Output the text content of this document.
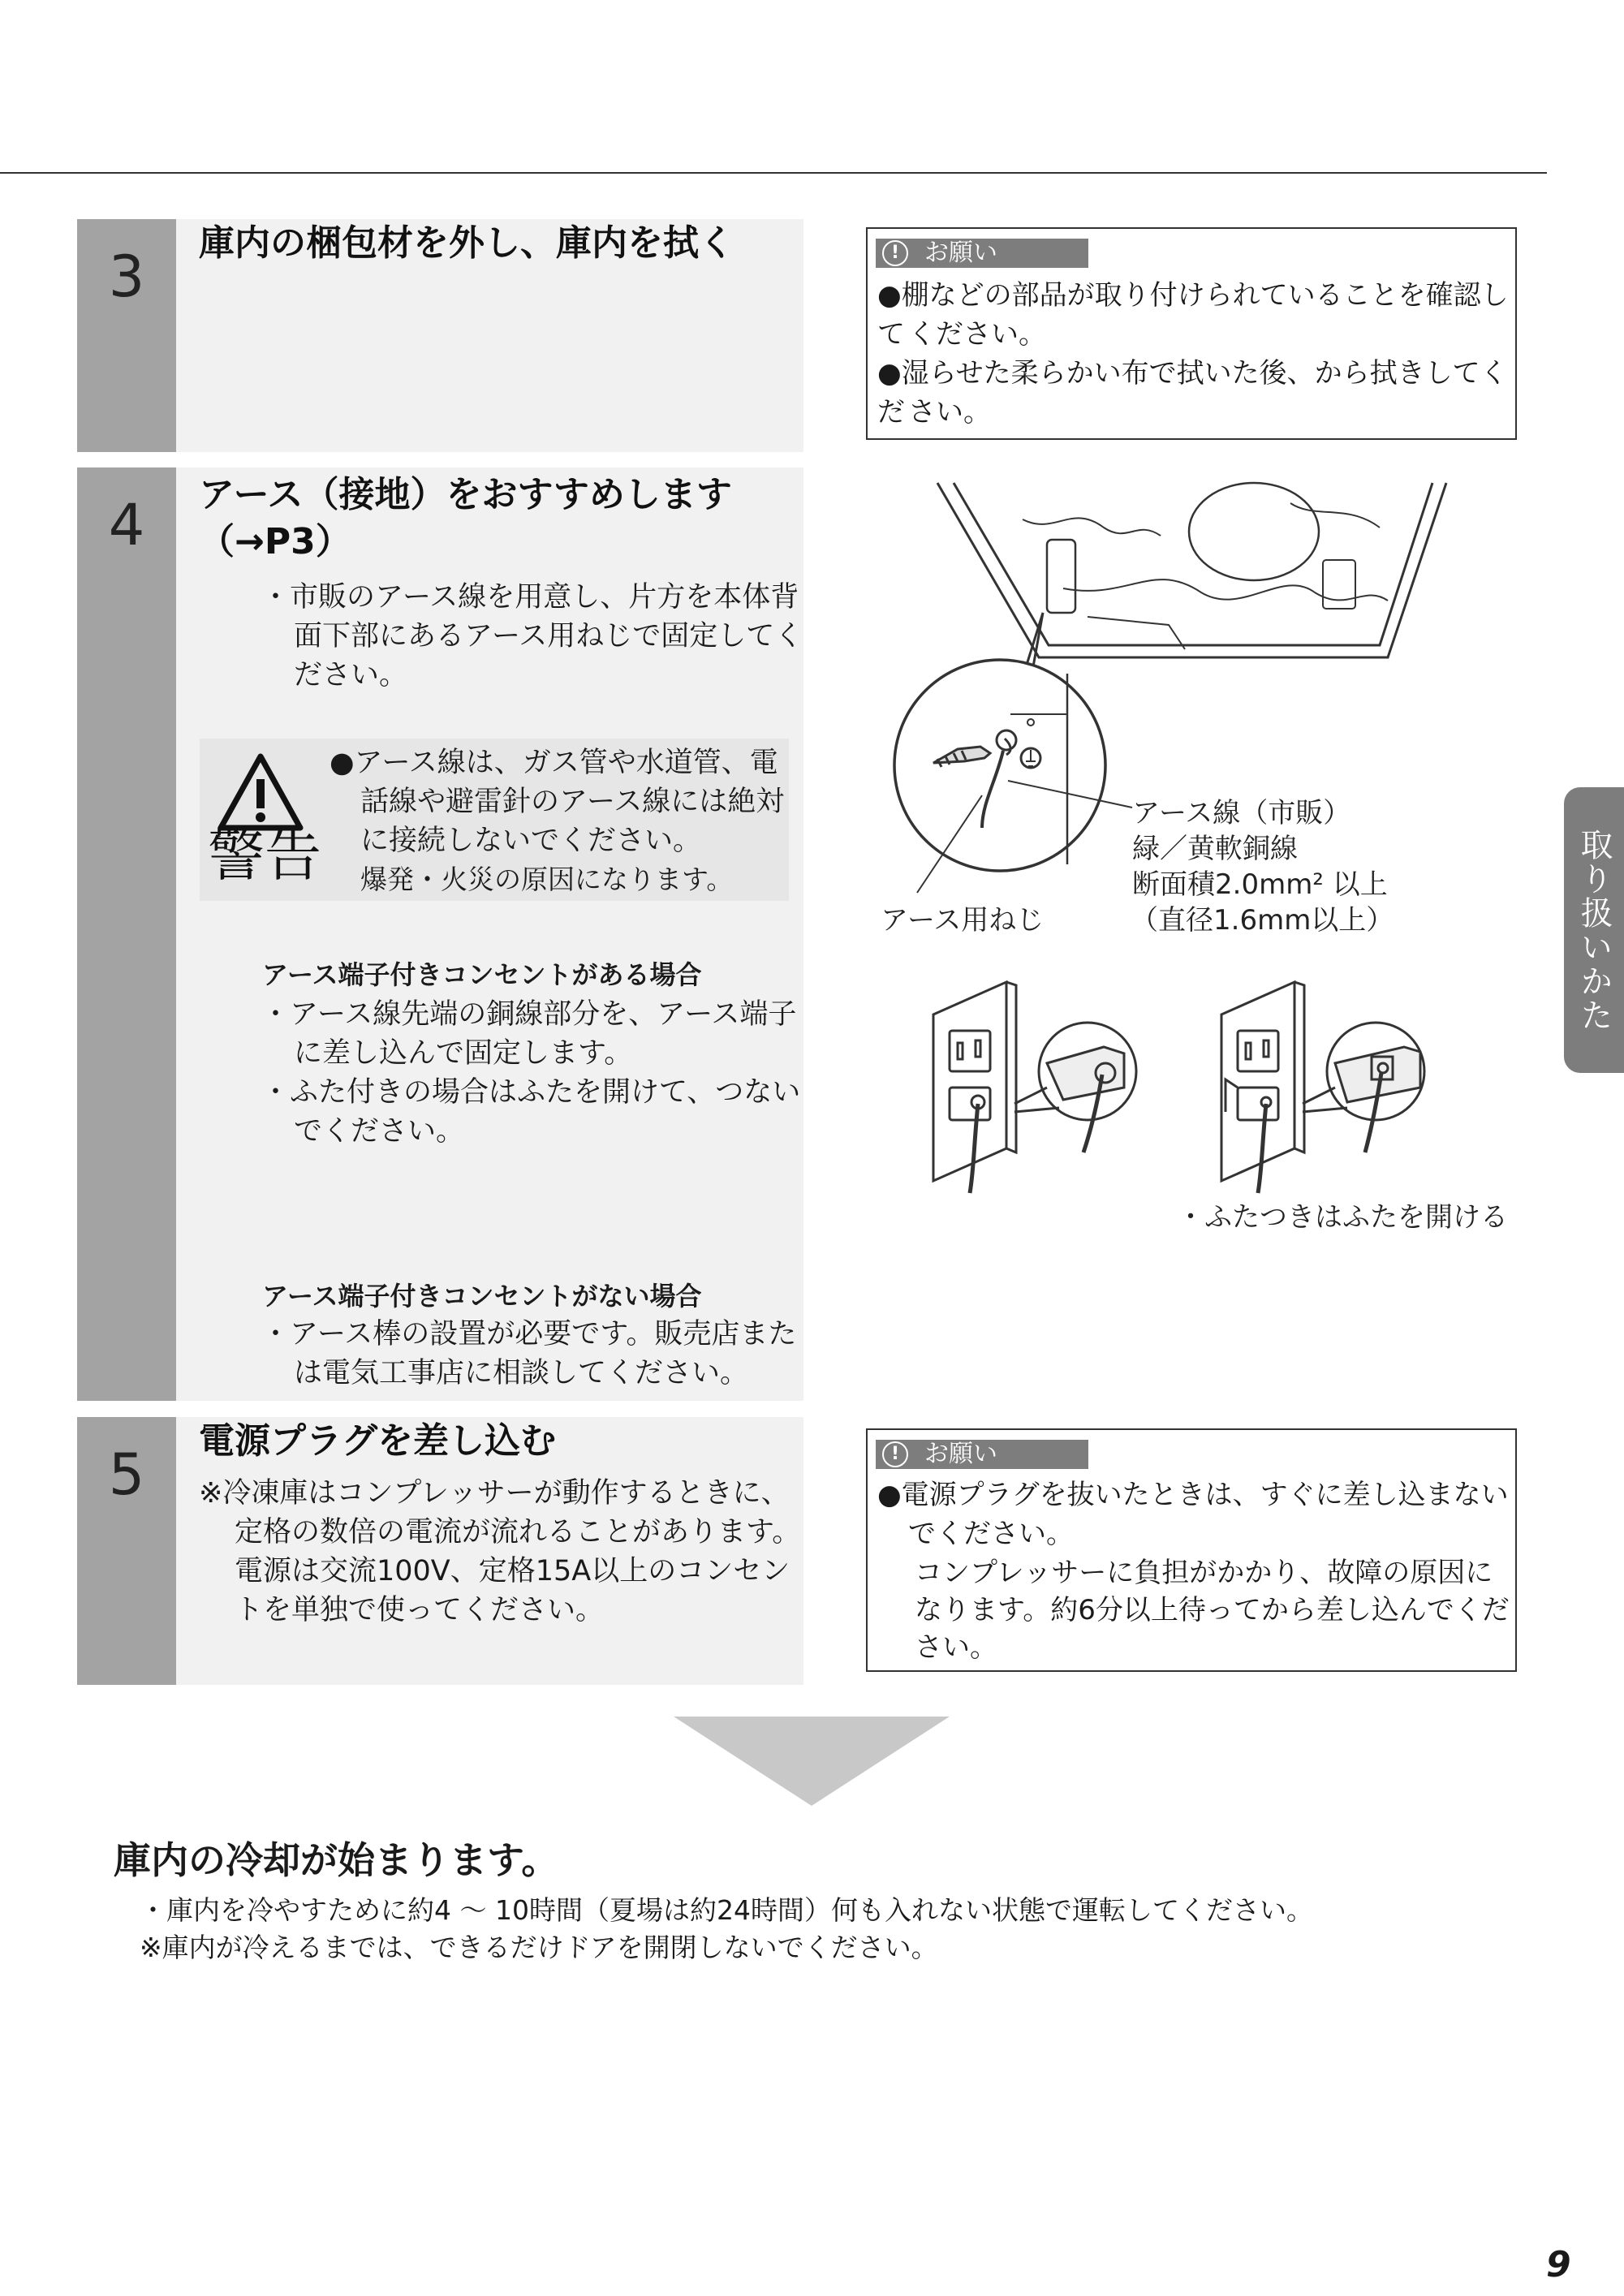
3
庫内の梱包材を外し、庫内を拭く
4	アース（接地）をおすすめします
（→P3）
・市販のアース線を用意し、片方を本体背
面下部にあるアース用ねじで固定してく
ださい。
アース端子付きコンセントがある場合
・アース線先端の銅線部分を、アース端子
に差し込んで固定します。
・ふた付きの場合はふたを開けて、つない
でください。
アース端子付きコンセントがない場合
・アース棒の設置が必要です。販売店また
は電気工事店に相談してください。
警告
●アース線は、ガス管や水道管、電
話線や避雷針のアース線には絶対
に接続しないでください。
爆発・火災の原因になります。
5
電源プラグを差し込む
※冷凍庫はコンプレッサーが動作するときに、
定格の数倍の電流が流れることがあります。
電源は交流100V、定格15A以上のコンセン
トを単独で使ってください。
!	お願い
●棚などの部品が取り付けられていることを確認して ください。
●湿らせた柔らかい布で拭いた後、から拭きしてくだ さい。
!	お願い
●電源プラグを抜いたときは、すぐに差し込まない
でください。
コンプレッサーに負担がかかり、故障の原因に
なります。約6分以上待ってから差し込んでくだ
さい。
アース線（市販）
緑／黄軟銅線
断面積2.0mm² 以上
（直径1.6mm以上）
アース用ねじ
・ふたつきはふたを開ける
庫内の冷却が始まります。
・庫内を冷やすために約4 ～ 10時間（夏場は約24時間）何も入れない状態で運転してください。
※庫内が冷えるまでは、できるだけドアを開閉しないでください。
取り扱いかた
9
